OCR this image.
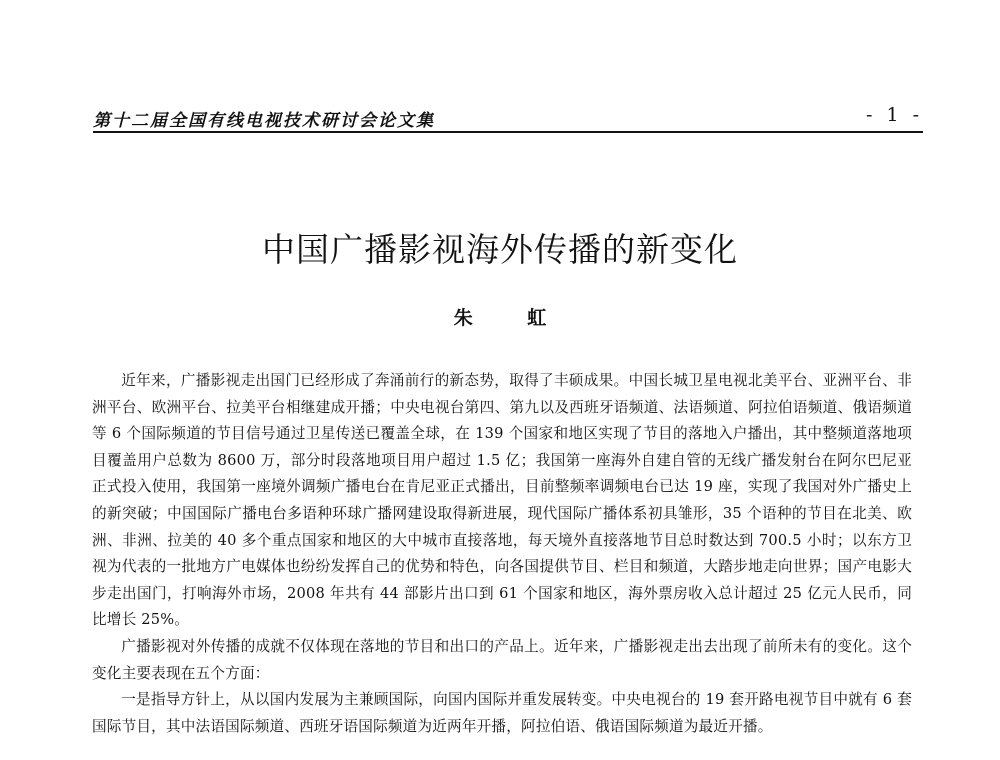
第十二届全国有线电视技术研讨会论文集	- 1 -
中国广播影视海外传播的新变化
朱 虹

近年来，广播影视走出国门已经形成了奔涌前行的新态势，取得了丰硕成果。中国长城卫星电视北美平台、亚洲平台、非洲平台、欧洲平台、拉美平台相继建成开播；中央电视台第四、第九以及西班牙语频道、法语频道、阿拉伯语频道、俄语频道等 6 个国际频道的节目信号通过卫星传送已覆盖全球，在 139 个国家和地区实现了节目的落地入户播出，其中整频道落地项目覆盖用户总数为 8600 万，部分时段落地项目用户超过 1.5 亿；我国第一座海外自建自管的无线广播发射台在阿尔巴尼亚正式投入使用，我国第一座境外调频广播电台在肯尼亚正式播出，目前整频率调频电台已达 19 座，实现了我国对外广播史上的新突破；中国国际广播电台多语种环球广播网建设取得新进展，现代国际广播体系初具雏形，35 个语种的节目在北美、欧洲、非洲、拉美的 40 多个重点国家和地区的大中城市直接落地，每天境外直接落地节目总时数达到 700.5 小时；以东方卫视为代表的一批地方广电媒体也纷纷发挥自己的优势和特色，向各国提供节目、栏目和频道，大踏步地走向世界；国产电影大步走出国门，打响海外市场，2008 年共有 44 部影片出口到 61 个国家和地区，海外票房收入总计超过 25 亿元人民币，同比增长 25%。

广播影视对外传播的成就不仅体现在落地的节目和出口的产品上。近年来，广播影视走出去出现了前所未有的变化。这个变化主要表现在五个方面：

一是指导方针上，从以国内发展为主兼顾国际，向国内国际并重发展转变。中央电视台的 19 套开路电视节目中就有 6 套国际节目，其中法语国际频道、西班牙语国际频道为近两年开播，阿拉伯语、俄语国际频道为最近开播。
